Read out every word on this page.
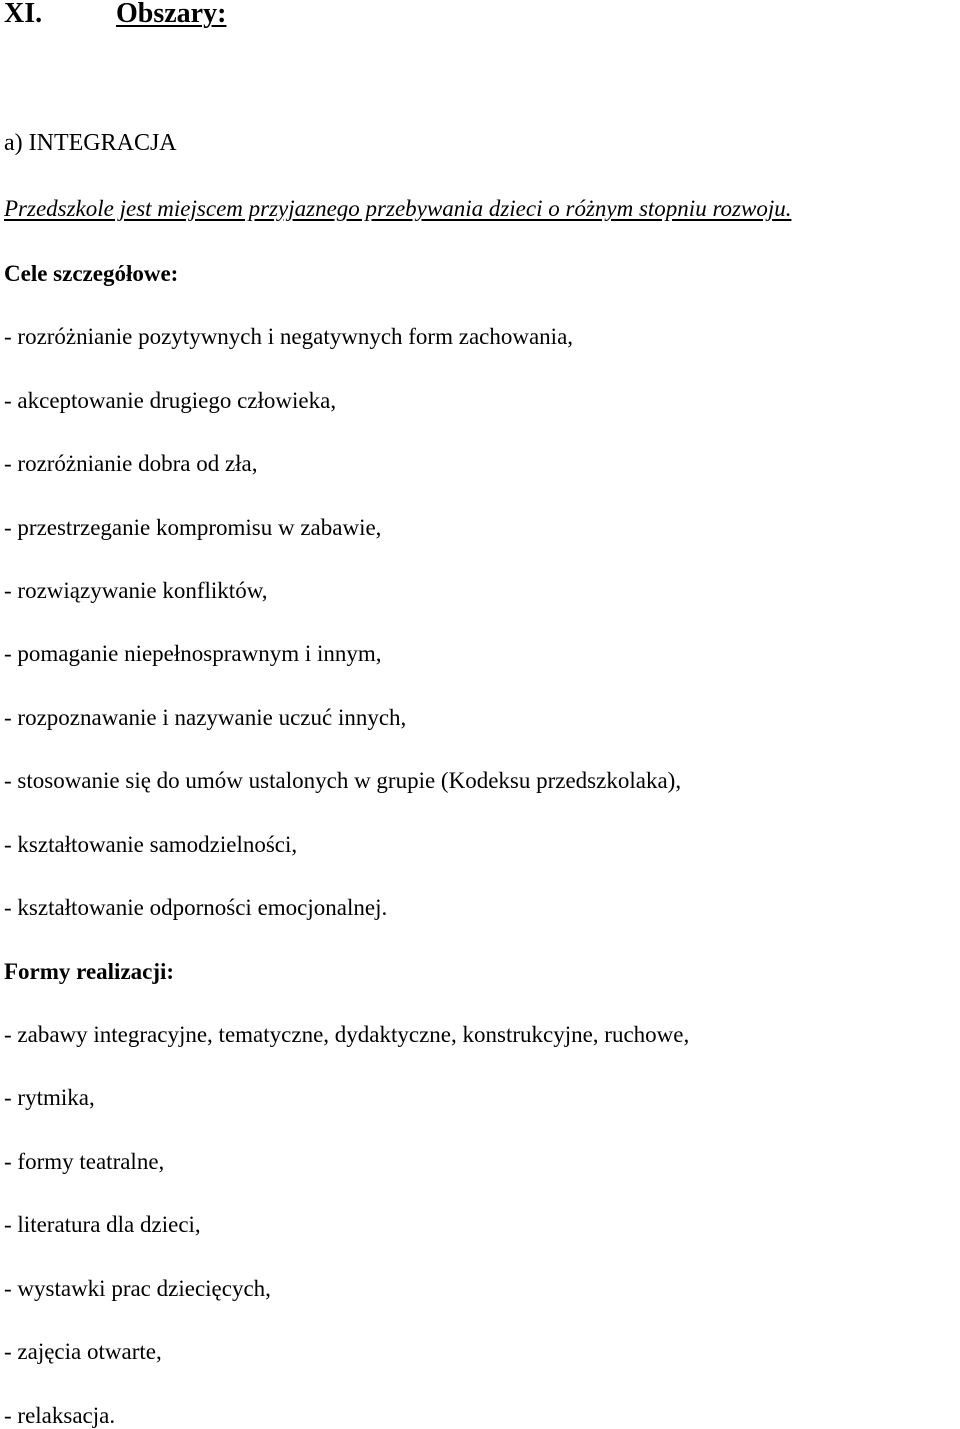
XI.	Obszary:
a) INTEGRACJA
Przedszkole jest miejscem przyjaznego przebywania dzieci o różnym stopniu rozwoju.
Cele szczegółowe:
- rozróżnianie pozytywnych i negatywnych form zachowania,
- akceptowanie drugiego człowieka,
- rozróżnianie dobra od zła,
- przestrzeganie kompromisu w zabawie,
- rozwiązywanie konfliktów,
- pomaganie niepełnosprawnym i innym,
- rozpoznawanie i nazywanie uczuć innych,
- stosowanie się do umów ustalonych w grupie (Kodeksu przedszkolaka),
- kształtowanie samodzielności,
- kształtowanie odporności emocjonalnej.
Formy realizacji:
- zabawy integracyjne, tematyczne, dydaktyczne, konstrukcyjne, ruchowe,
- rytmika,
- formy teatralne,
- literatura dla dzieci,
- wystawki prac dziecięcych,
- zajęcia otwarte,
- relaksacja.
